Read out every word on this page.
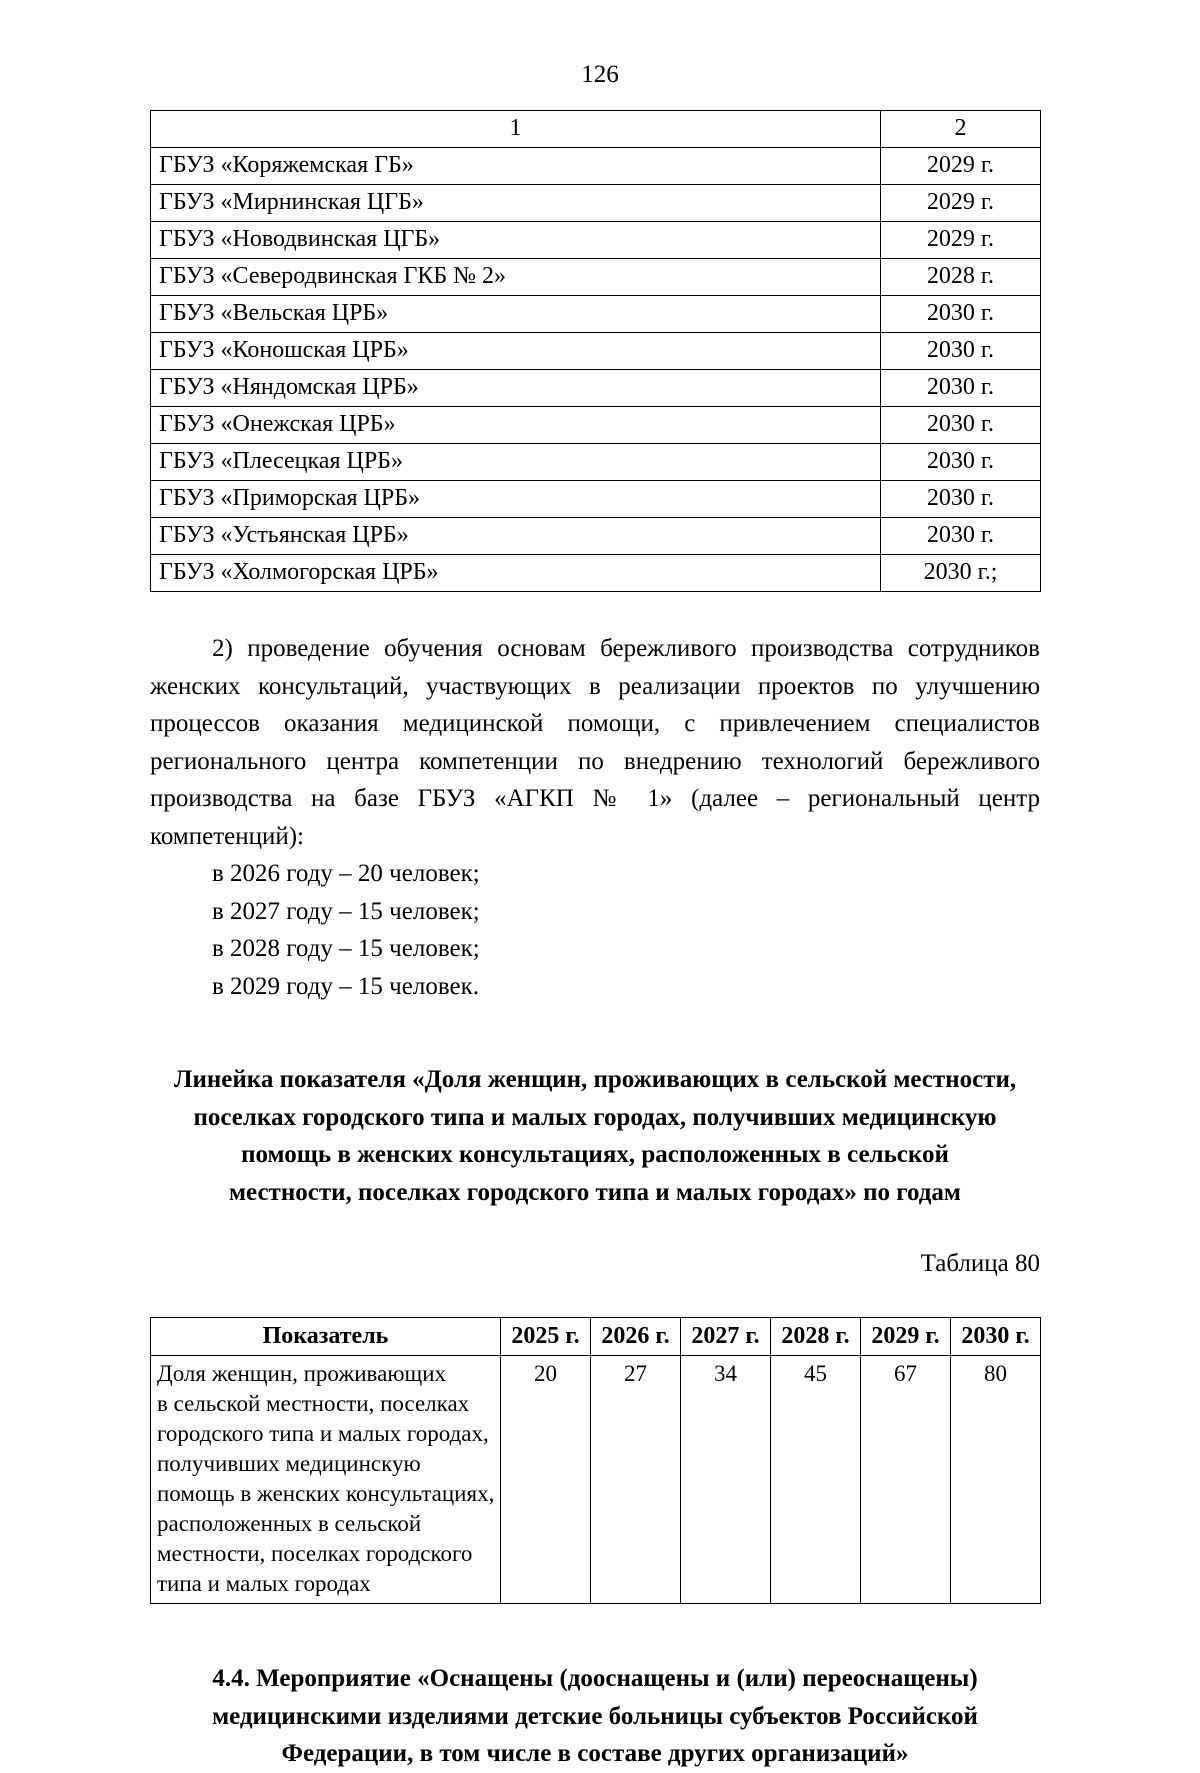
126
1	2
ГБУЗ «Коряжемская ГБ»	2029 г.
ГБУЗ «Мирнинская ЦГБ»	2029 г.
ГБУЗ «Новодвинская ЦГБ»	2029 г.
ГБУЗ «Северодвинская ГКБ № 2»	2028 г.
ГБУЗ «Вельская ЦРБ»	2030 г.
ГБУЗ «Коношская ЦРБ»	2030 г.
ГБУЗ «Няндомская ЦРБ»	2030 г.
ГБУЗ «Онежская ЦРБ»	2030 г.
ГБУЗ «Плесецкая ЦРБ»	2030 г.
ГБУЗ «Приморская ЦРБ»	2030 г.
ГБУЗ «Устьянская ЦРБ»	2030 г.
ГБУЗ «Холмогорская ЦРБ»	2030 г.;

2) проведение обучения основам бережливого производства сотрудников женских консультаций, участвующих в реализации проектов по улучшению процессов оказания медицинской помощи, с привлечением специалистов регионального центра компетенции по внедрению технологий бережливого производства на базе ГБУЗ «АГКП № 1» (далее – региональный центр компетенций):

в 2026 году – 20 человек;
в 2027 году – 15 человек;
в 2028 году – 15 человек;
в 2029 году – 15 человек.
Линейка показателя «Доля женщин, проживающих в сельской местности,
поселках городского типа и малых городах, получивших медицинскую
помощь в женских консультациях, расположенных в сельской
местности, поселках городского типа и малых городах» по годам

Таблица 80

Показатель	2025 г.	2026 г.	2027 г.	2028 г.	2029 г.	2030 г.

Доля женщин, проживающих
в сельской местности, поселках
городского типа и малых городах,
получивших медицинскую
помощь в женских консультациях,
расположенных в сельской
местности, поселках городского
типа и малых городах
	20	27	34	45	67	80
4.4. Мероприятие «Оснащены (дооснащены и (или) переоснащены)
медицинскими изделиями детские больницы субъектов Российской
Федерации, в том числе в составе других организаций»
